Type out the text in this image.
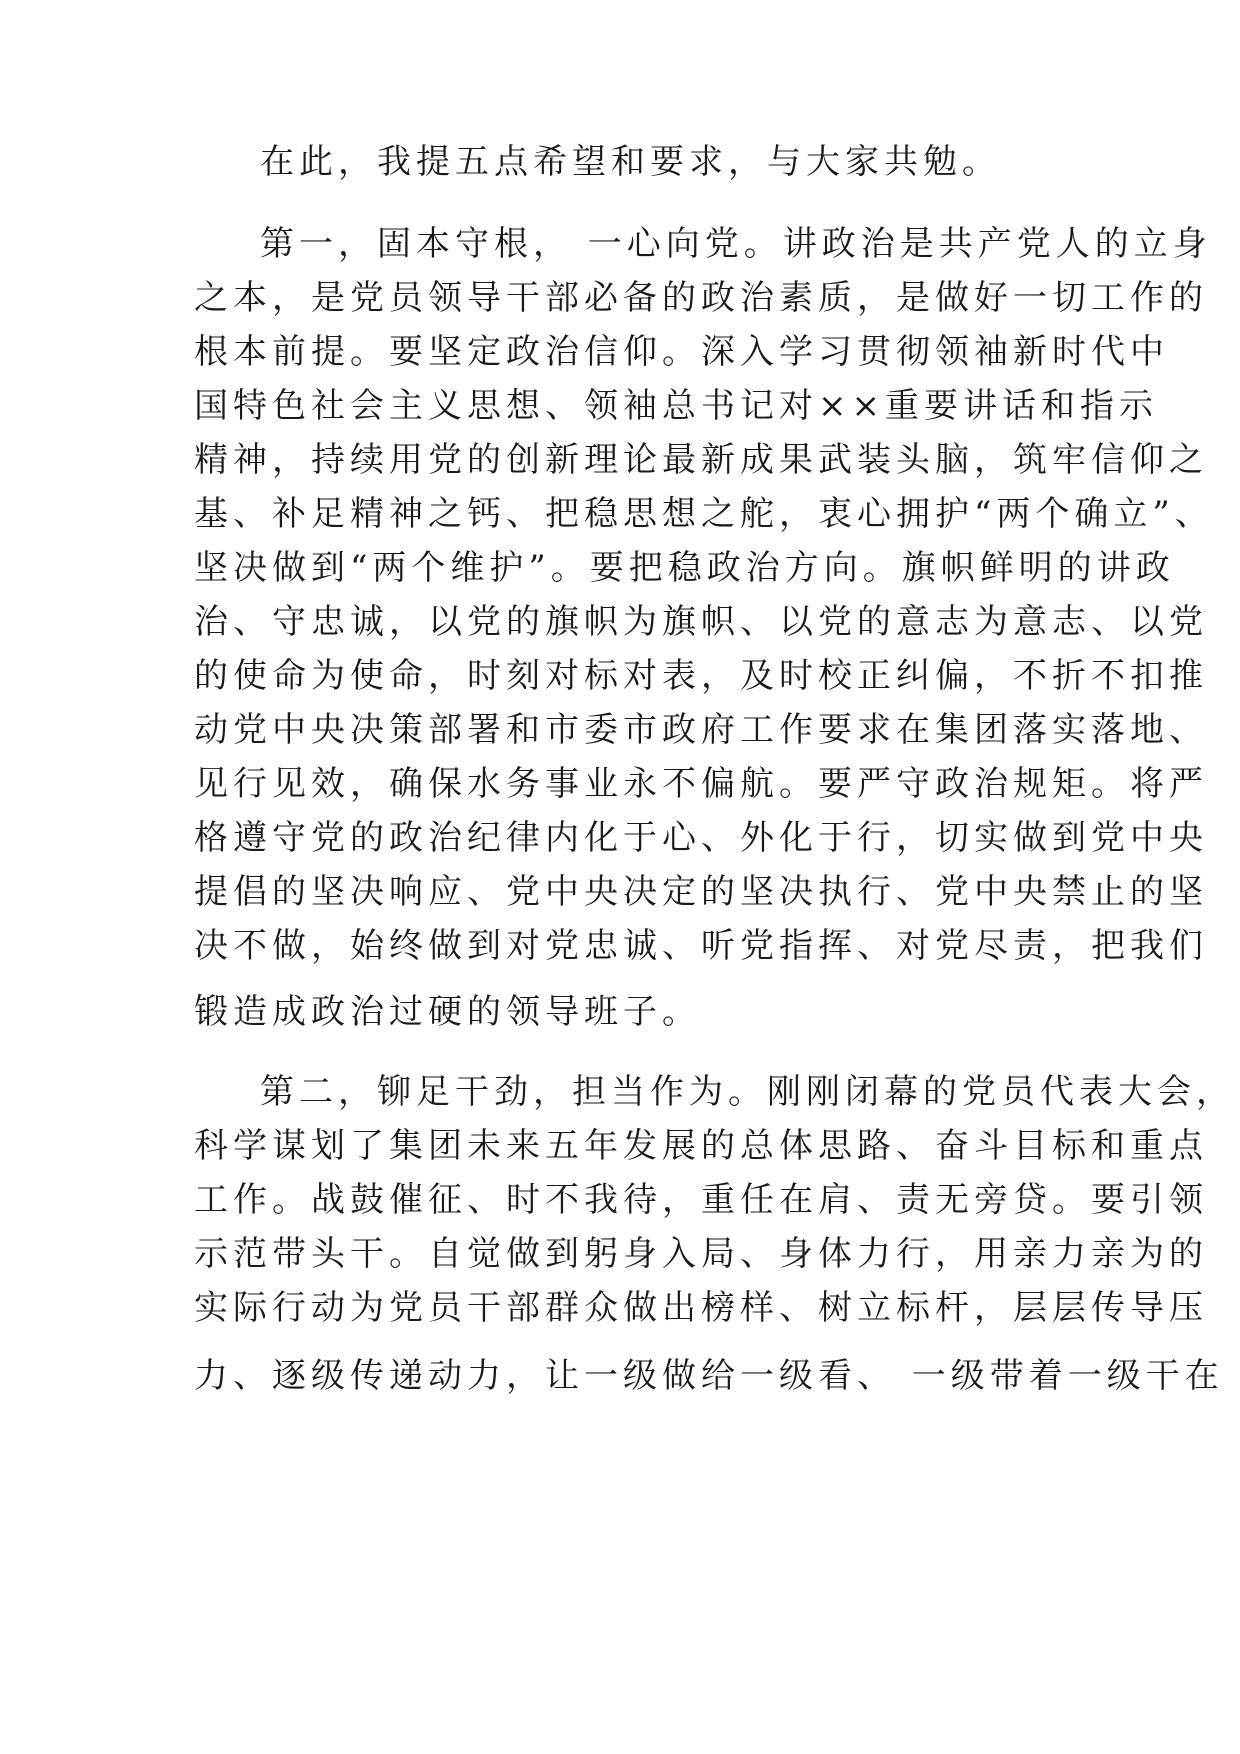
在此，我提五点希望和要求，与大家共勉。
第一，固本守根， 一心向党。讲政治是共产党人的立身
之本，是党员领导干部必备的政治素质，是做好一切工作的
根本前提。要坚定政治信仰。深入学习贯彻领袖新时代中
国特色社会主义思想、领袖总书记对××重要讲话和指示
精神，持续用党的创新理论最新成果武装头脑，筑牢信仰之
基、补足精神之钙、把稳思想之舵，衷心拥护“两个确立”、
坚决做到“两个维护”。要把稳政治方向。旗帜鲜明的讲政
治、守忠诚，以党的旗帜为旗帜、以党的意志为意志、以党
的使命为使命，时刻对标对表，及时校正纠偏，不折不扣推
动党中央决策部署和市委市政府工作要求在集团落实落地、
见行见效，确保水务事业永不偏航。要严守政治规矩。将严
格遵守党的政治纪律内化于心、外化于行，切实做到党中央
提倡的坚决响应、党中央决定的坚决执行、党中央禁止的坚
决不做，始终做到对党忠诚、听党指挥、对党尽责，把我们
锻造成政治过硬的领导班子。
第二，铆足干劲，担当作为。刚刚闭幕的党员代表大会，
科学谋划了集团未来五年发展的总体思路、奋斗目标和重点
工作。战鼓催征、时不我待，重任在肩、责无旁贷。要引领
示范带头干。自觉做到躬身入局、身体力行，用亲力亲为的
实际行动为党员干部群众做出榜样、树立标杆，层层传导压
力、逐级传递动力，让一级做给一级看、 一级带着一级干在
